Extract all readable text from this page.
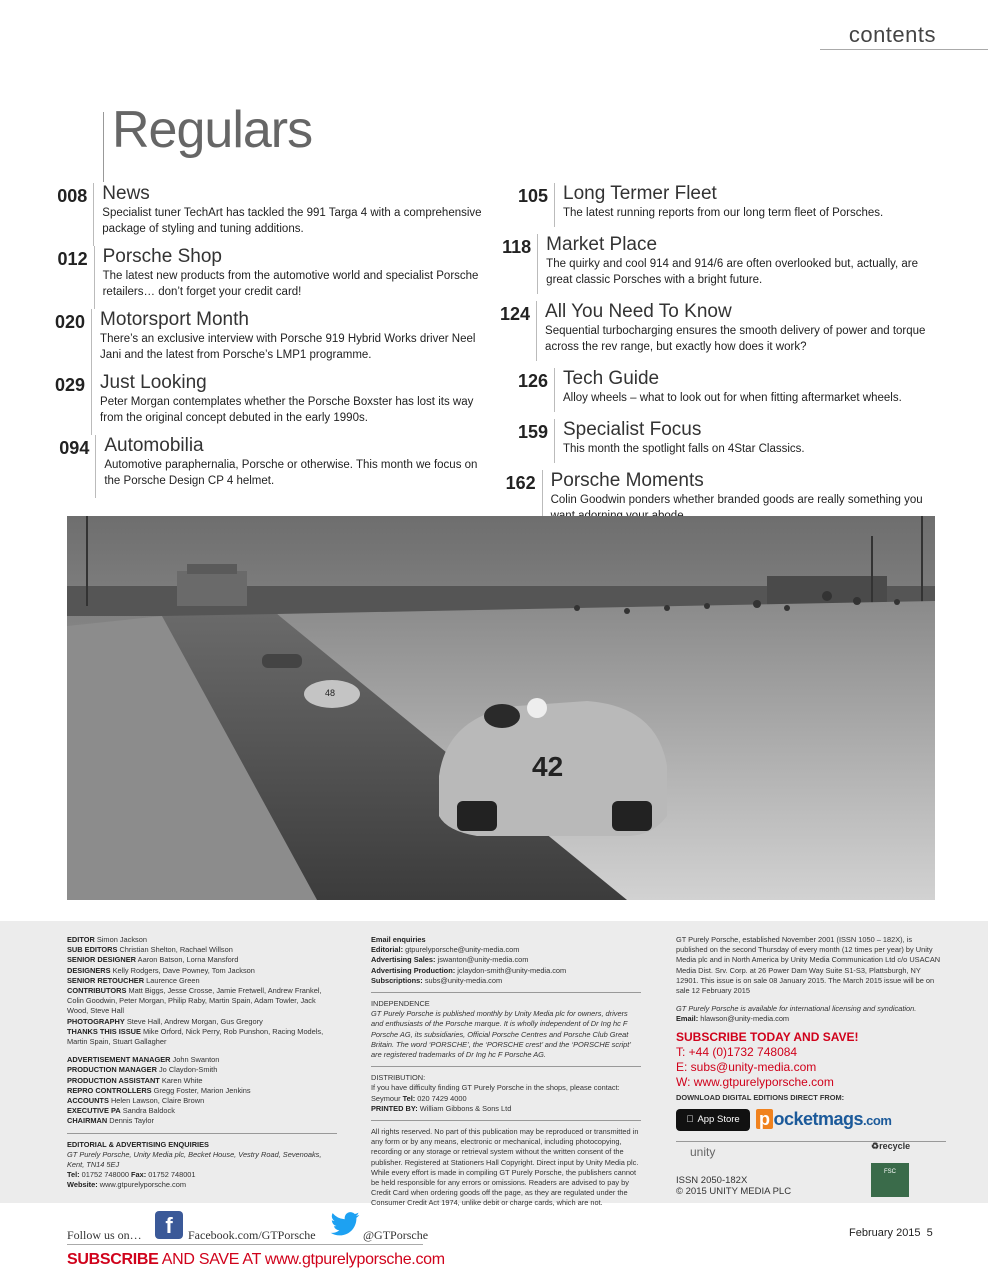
contents
Regulars
008 News
Specialist tuner TechArt has tackled the 991 Targa 4 with a comprehensive package of styling and tuning additions.
012 Porsche Shop
The latest new products from the automotive world and specialist Porsche retailers… don’t forget your credit card!
020 Motorsport Month
There’s an exclusive interview with Porsche 919 Hybrid Works driver Neel Jani and the latest from Porsche’s LMP1 programme.
029 Just Looking
Peter Morgan contemplates whether the Porsche Boxster has lost its way from the original concept debuted in the early 1990s.
094 Automobilia
Automotive paraphernalia, Porsche or otherwise. This month we focus on the Porsche Design CP 4 helmet.
105 Long Termer Fleet
The latest running reports from our long term fleet of Porsches.
118 Market Place
The quirky and cool 914 and 914/6 are often overlooked but, actually, are great classic Porsches with a bright future.
124 All You Need To Know
Sequential turbocharging ensures the smooth delivery of power and torque across the rev range, but exactly how does it work?
126 Tech Guide
Alloy wheels – what to look out for when fitting aftermarket wheels.
159 Specialist Focus
This month the spotlight falls on 4Star Classics.
162 Porsche Moments
Colin Goodwin ponders whether branded goods are really something you
48
42
EDITOR Simon Jackson
SUB EDITORS Christian Shelton, Rachael Willson
SENIOR DESIGNER Aaron Batson, Lorna Mansford
DESIGNERS Kelly Rodgers, Dave Powney, Tom Jackson
SENIOR RETOUCHER Laurence Green
CONTRIBUTORS Matt Biggs, Jesse Crosse, Jamie Fretwell, Andrew Frankel, Colin Goodwin, Peter Morgan, Philip Raby, Martin Spain, Adam Towler, Jack Wood, Steve Hall
PHOTOGRAPHY Steve Hall, Andrew Morgan, Gus Gregory
THANKS THIS ISSUE Mike Orford, Nick Perry, Rob Punshon, Racing Models, Martin Spain, Stuart Gallagher
ADVERTISEMENT MANAGER John Swanton
PRODUCTION MANAGER Jo Claydon-Smith
PRODUCTION ASSISTANT Karen White
REPRO CONTROLLERS Gregg Foster, Marion Jenkins
ACCOUNTS Helen Lawson, Claire Brown
EXECUTIVE PA Sandra Baldock
CHAIRMAN Dennis Taylor
EDITORIAL & ADVERTISING ENQUIRIES
GT Purely Porsche, Unity Media plc, Becket House, Vestry Road, Sevenoaks, Kent, TN14 5EJ
Tel: 01752 748000 Fax: 01752 748001
Website: www.gtpurelyporsche.com
Email enquiries
Editorial: gtpurelyporsche@unity-media.com
Advertising Sales: jswanton@unity-media.com
Advertising Production: jclaydon-smith@unity-media.com
Subscriptions: subs@unity-media.com
INDEPENDENCE
GT Purely Porsche is published monthly by Unity Media plc for owners, drivers and enthusiasts of the Porsche marque. It is wholly independent of Dr Ing hc F Porsche AG, its subsidiaries, Official Porsche Centres and Porsche Club Great Britain. The word ‘PORSCHE’, the ‘PORSCHE crest’ and the ‘PORSCHE script’ are registered trademarks of Dr Ing hc F Porsche AG.
DISTRIBUTION:
If you have difficulty finding GT Purely Porsche in the shops, please contact: Seymour Tel: 020 7429 4000
PRINTED BY: William Gibbons & Sons Ltd
All rights reserved. No part of this publication may be reproduced or transmitted in any form or by any means, electronic or mechanical, including photocopying, recording or any storage or retrieval system without the written consent of the publisher. Registered at Stationers Hall Copyright. Direct input by Unity Media plc. While every effort is made in compiling GT Purely Porsche, the publishers cannot be held responsible for any errors or omissions. Readers are advised to pay by Credit Card when ordering goods off the page, as they are regulated under the Consumer Credit Act 1974, unlike debit or charge cards, which are not.
GT Purely Porsche, established November 2001 (ISSN 1050 – 182X), is published on the second Thursday of every month (12 times per year) by Unity Media plc and in North America by Unity Media Communication Ltd c/o USACAN Media Dist. Srv. Corp. at 26 Power Dam Way Suite S1-S3, Plattsburgh, NY 12901. This issue is on sale 08 January 2015. The March 2015 issue will be on sale 12 February 2015
GT Purely Porsche is available for international licensing and syndication.
Email: hlawson@unity-media.com
SUBSCRIBE TODAY AND SAVE!
T: +44 (0)1732 748084
E: subs@unity-media.com
W: www.gtpurelyporsche.com
DOWNLOAD DIGITAL EDITIONS DIRECT FROM:
App Store p ocketmags.com
unity
ISSN 2050-182X
© 2015 UNITY MEDIA PLC
♻recycle
FSC
Follow us on…	f	Facebook.com/GTPorsche	@GTPorsche
SUBSCRIBE AND SAVE AT www.gtpurelyporsche.com
February 2015 5
